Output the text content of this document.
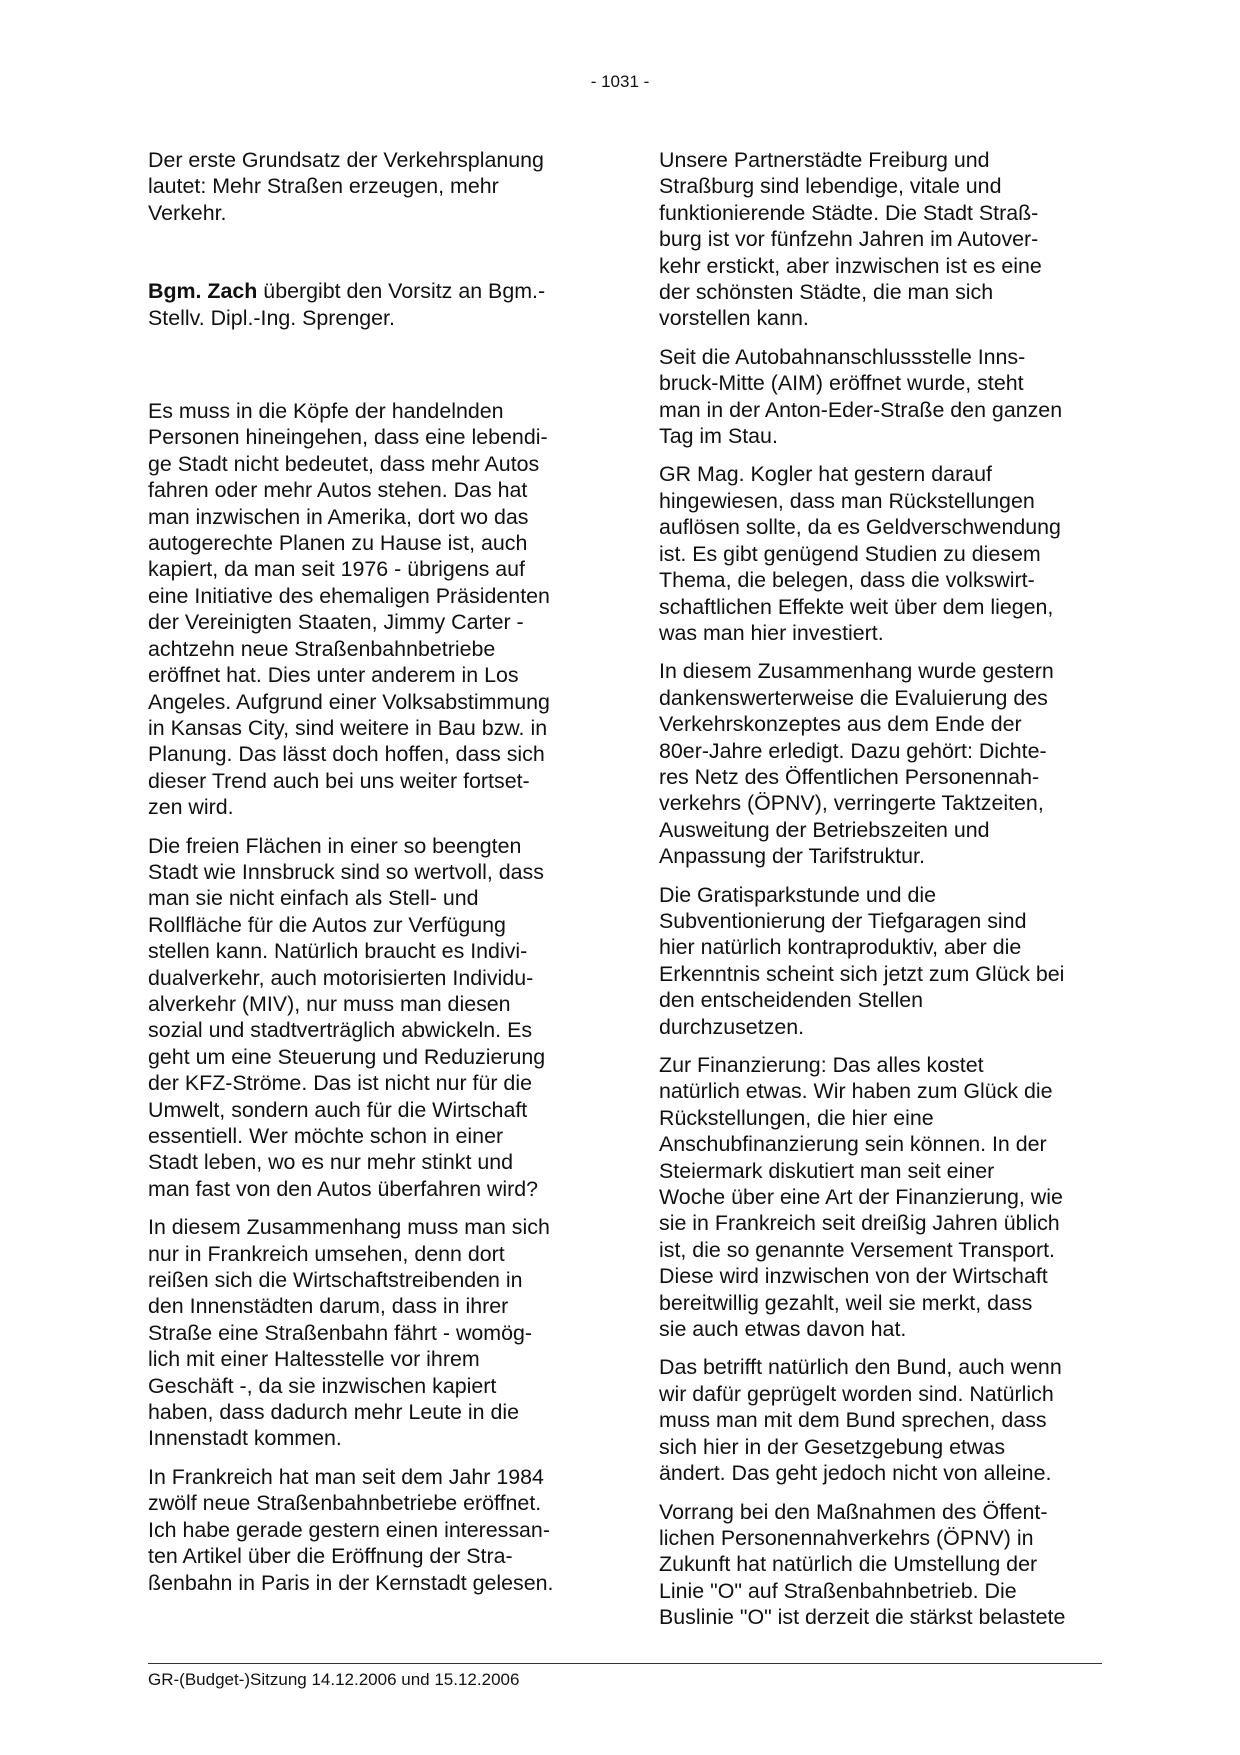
- 1031 -

Der erste Grundsatz der Verkehrsplanung
lautet: Mehr Straßen erzeugen, mehr
Verkehr.

Bgm. Zach übergibt den Vorsitz an Bgm.-
Stellv. Dipl.-Ing. Sprenger.

Es muss in die Köpfe der handelnden
Personen hineingehen, dass eine lebendi-
ge Stadt nicht bedeutet, dass mehr Autos
fahren oder mehr Autos stehen. Das hat
man inzwischen in Amerika, dort wo das
autogerechte Planen zu Hause ist, auch
kapiert, da man seit 1976 - übrigens auf
eine Initiative des ehemaligen Präsidenten
der Vereinigten Staaten, Jimmy Carter -
achtzehn neue Straßenbahnbetriebe
eröffnet hat. Dies unter anderem in Los
Angeles. Aufgrund einer Volksabstimmung
in Kansas City, sind weitere in Bau bzw. in
Planung. Das lässt doch hoffen, dass sich
dieser Trend auch bei uns weiter fortset-
zen wird.

Die freien Flächen in einer so beengten
Stadt wie Innsbruck sind so wertvoll, dass
man sie nicht einfach als Stell- und
Rollfläche für die Autos zur Verfügung
stellen kann. Natürlich braucht es Indivi-
dualverkehr, auch motorisierten Individu-
alverkehr (MIV), nur muss man diesen
sozial und stadtverträglich abwickeln. Es
geht um eine Steuerung und Reduzierung
der KFZ-Ströme. Das ist nicht nur für die
Umwelt, sondern auch für die Wirtschaft
essentiell. Wer möchte schon in einer
Stadt leben, wo es nur mehr stinkt und
man fast von den Autos überfahren wird?

In diesem Zusammenhang muss man sich
nur in Frankreich umsehen, denn dort
reißen sich die Wirtschaftstreibenden in
den Innenstädten darum, dass in ihrer
Straße eine Straßenbahn fährt - womög-
lich mit einer Haltesstelle vor ihrem
Geschäft -, da sie inzwischen kapiert
haben, dass dadurch mehr Leute in die
Innenstadt kommen.

In Frankreich hat man seit dem Jahr 1984
zwölf neue Straßenbahnbetriebe eröffnet.
Ich habe gerade gestern einen interessan-
ten Artikel über die Eröffnung der Stra-
ßenbahn in Paris in der Kernstadt gelesen.

Unsere Partnerstädte Freiburg und
Straßburg sind lebendige, vitale und
funktionierende Städte. Die Stadt Straß-
burg ist vor fünfzehn Jahren im Autover-
kehr erstickt, aber inzwischen ist es eine
der schönsten Städte, die man sich
vorstellen kann.

Seit die Autobahnanschlussstelle Inns-
bruck-Mitte (AIM) eröffnet wurde, steht
man in der Anton-Eder-Straße den ganzen
Tag im Stau.

GR Mag. Kogler hat gestern darauf
hingewiesen, dass man Rückstellungen
auflösen sollte, da es Geldverschwendung
ist. Es gibt genügend Studien zu diesem
Thema, die belegen, dass die volkswirt-
schaftlichen Effekte weit über dem liegen,
was man hier investiert.

In diesem Zusammenhang wurde gestern
dankenswerterweise die Evaluierung des
Verkehrskonzeptes aus dem Ende der
80er-Jahre erledigt. Dazu gehört: Dichte-
res Netz des Öffentlichen Personennah-
verkehrs (ÖPNV), verringerte Taktzeiten,
Ausweitung der Betriebszeiten und
Anpassung der Tarifstruktur.

Die Gratisparkstunde und die
Subventionierung der Tiefgaragen sind
hier natürlich kontraproduktiv, aber die
Erkenntnis scheint sich jetzt zum Glück bei
den entscheidenden Stellen
durchzusetzen.

Zur Finanzierung: Das alles kostet
natürlich etwas. Wir haben zum Glück die
Rückstellungen, die hier eine
Anschubfinanzierung sein können. In der
Steiermark diskutiert man seit einer
Woche über eine Art der Finanzierung, wie
sie in Frankreich seit dreißig Jahren üblich
ist, die so genannte Versement Transport.
Diese wird inzwischen von der Wirtschaft
bereitwillig gezahlt, weil sie merkt, dass
sie auch etwas davon hat.

Das betrifft natürlich den Bund, auch wenn
wir dafür geprügelt worden sind. Natürlich
muss man mit dem Bund sprechen, dass
sich hier in der Gesetzgebung etwas
ändert. Das geht jedoch nicht von alleine.

Vorrang bei den Maßnahmen des Öffent-
lichen Personennahverkehrs (ÖPNV) in
Zukunft hat natürlich die Umstellung der
Linie "O" auf Straßenbahnbetrieb. Die
Buslinie "O" ist derzeit die stärkst belastete

GR-(Budget-)Sitzung 14.12.2006 und 15.12.2006
